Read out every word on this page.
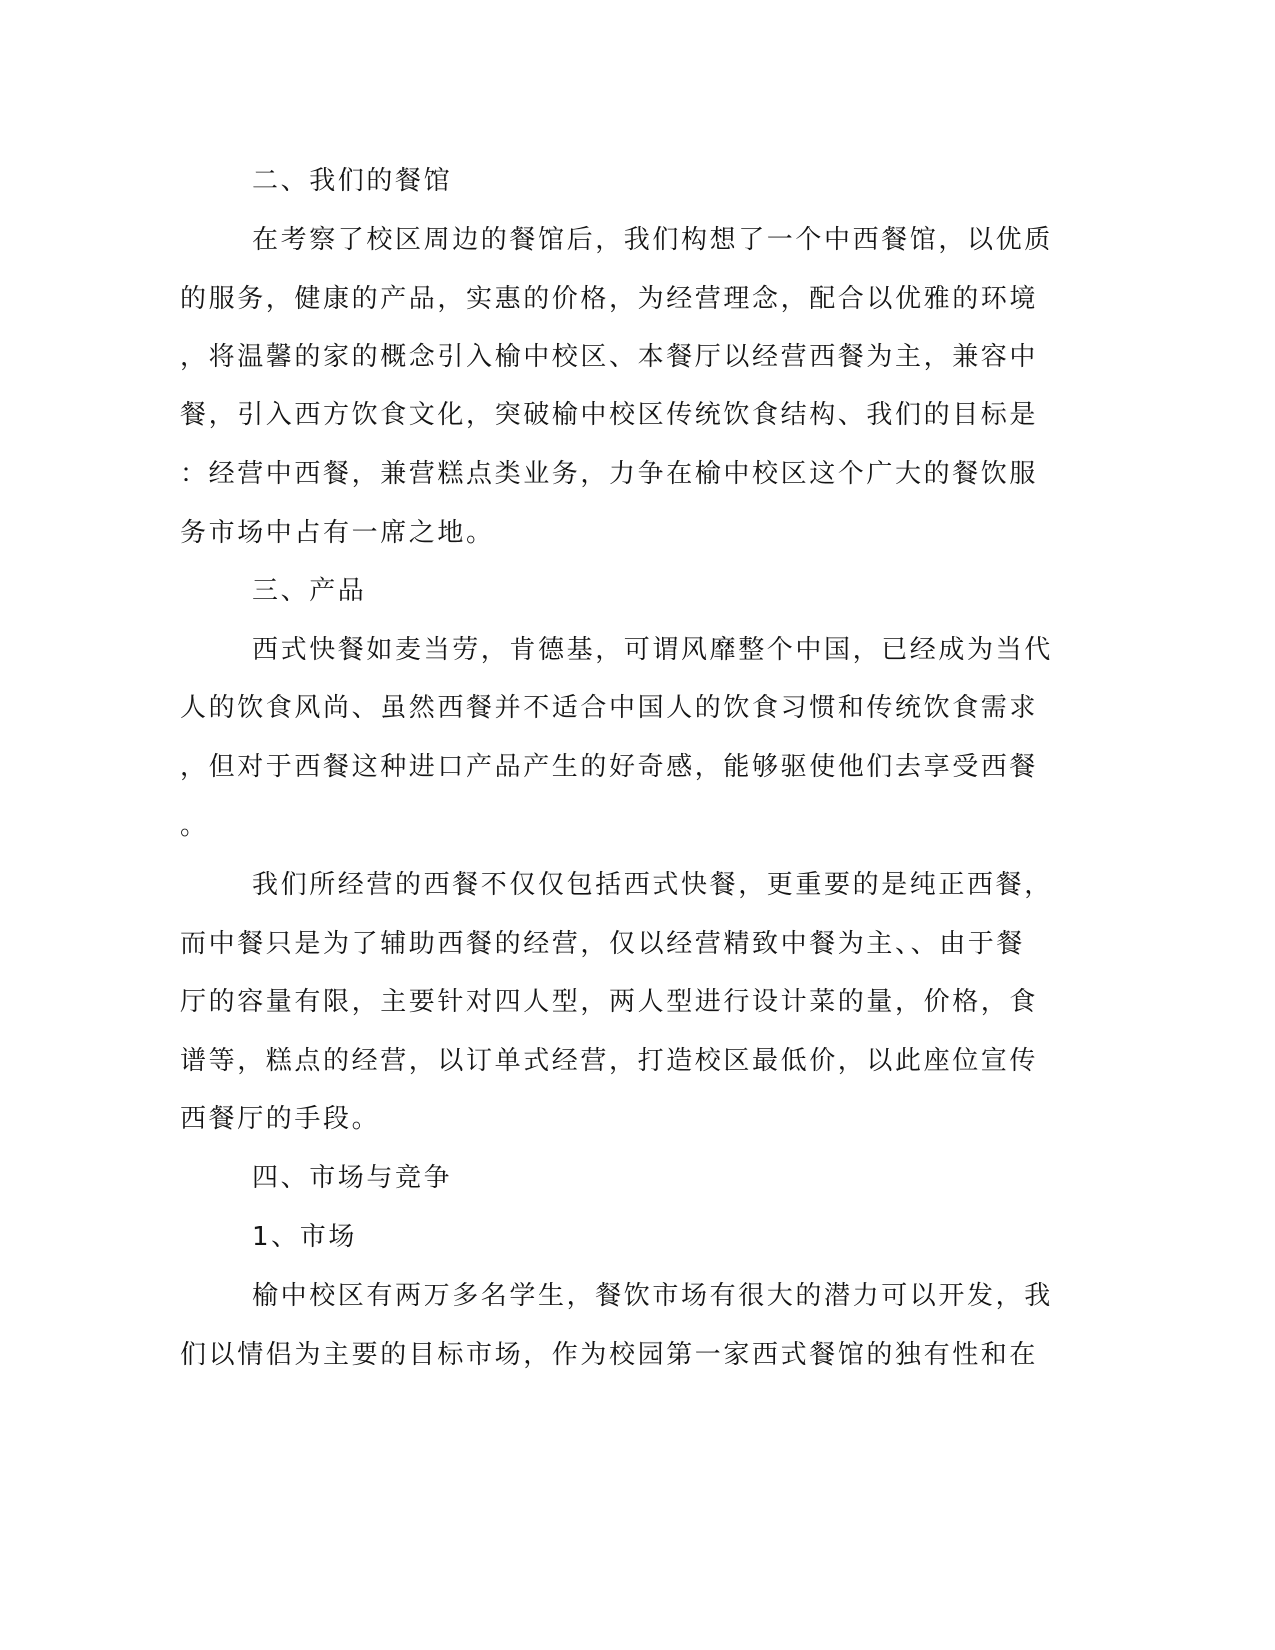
二、我们的餐馆
在考察了校区周边的餐馆后，我们构想了一个中西餐馆，以优质
的服务，健康的产品，实惠的价格，为经营理念，配合以优雅的环境
，将温馨的家的概念引入榆中校区、本餐厅以经营西餐为主，兼容中
餐，引入西方饮食文化，突破榆中校区传统饮食结构、我们的目标是
：经营中西餐，兼营糕点类业务，力争在榆中校区这个广大的餐饮服
务市场中占有一席之地。
三、产品
西式快餐如麦当劳，肯德基，可谓风靡整个中国，已经成为当代
人的饮食风尚、虽然西餐并不适合中国人的饮食习惯和传统饮食需求
，但对于西餐这种进口产品产生的好奇感，能够驱使他们去享受西餐
。
我们所经营的西餐不仅仅包括西式快餐，更重要的是纯正西餐，
而中餐只是为了辅助西餐的经营，仅以经营精致中餐为主、、由于餐
厅的容量有限，主要针对四人型，两人型进行设计菜的量，价格，食
谱等，糕点的经营，以订单式经营，打造校区最低价，以此座位宣传
西餐厅的手段。
四、市场与竞争
1、市场
榆中校区有两万多名学生，餐饮市场有很大的潜力可以开发，我
们以情侣为主要的目标市场，作为校园第一家西式餐馆的独有性和在
